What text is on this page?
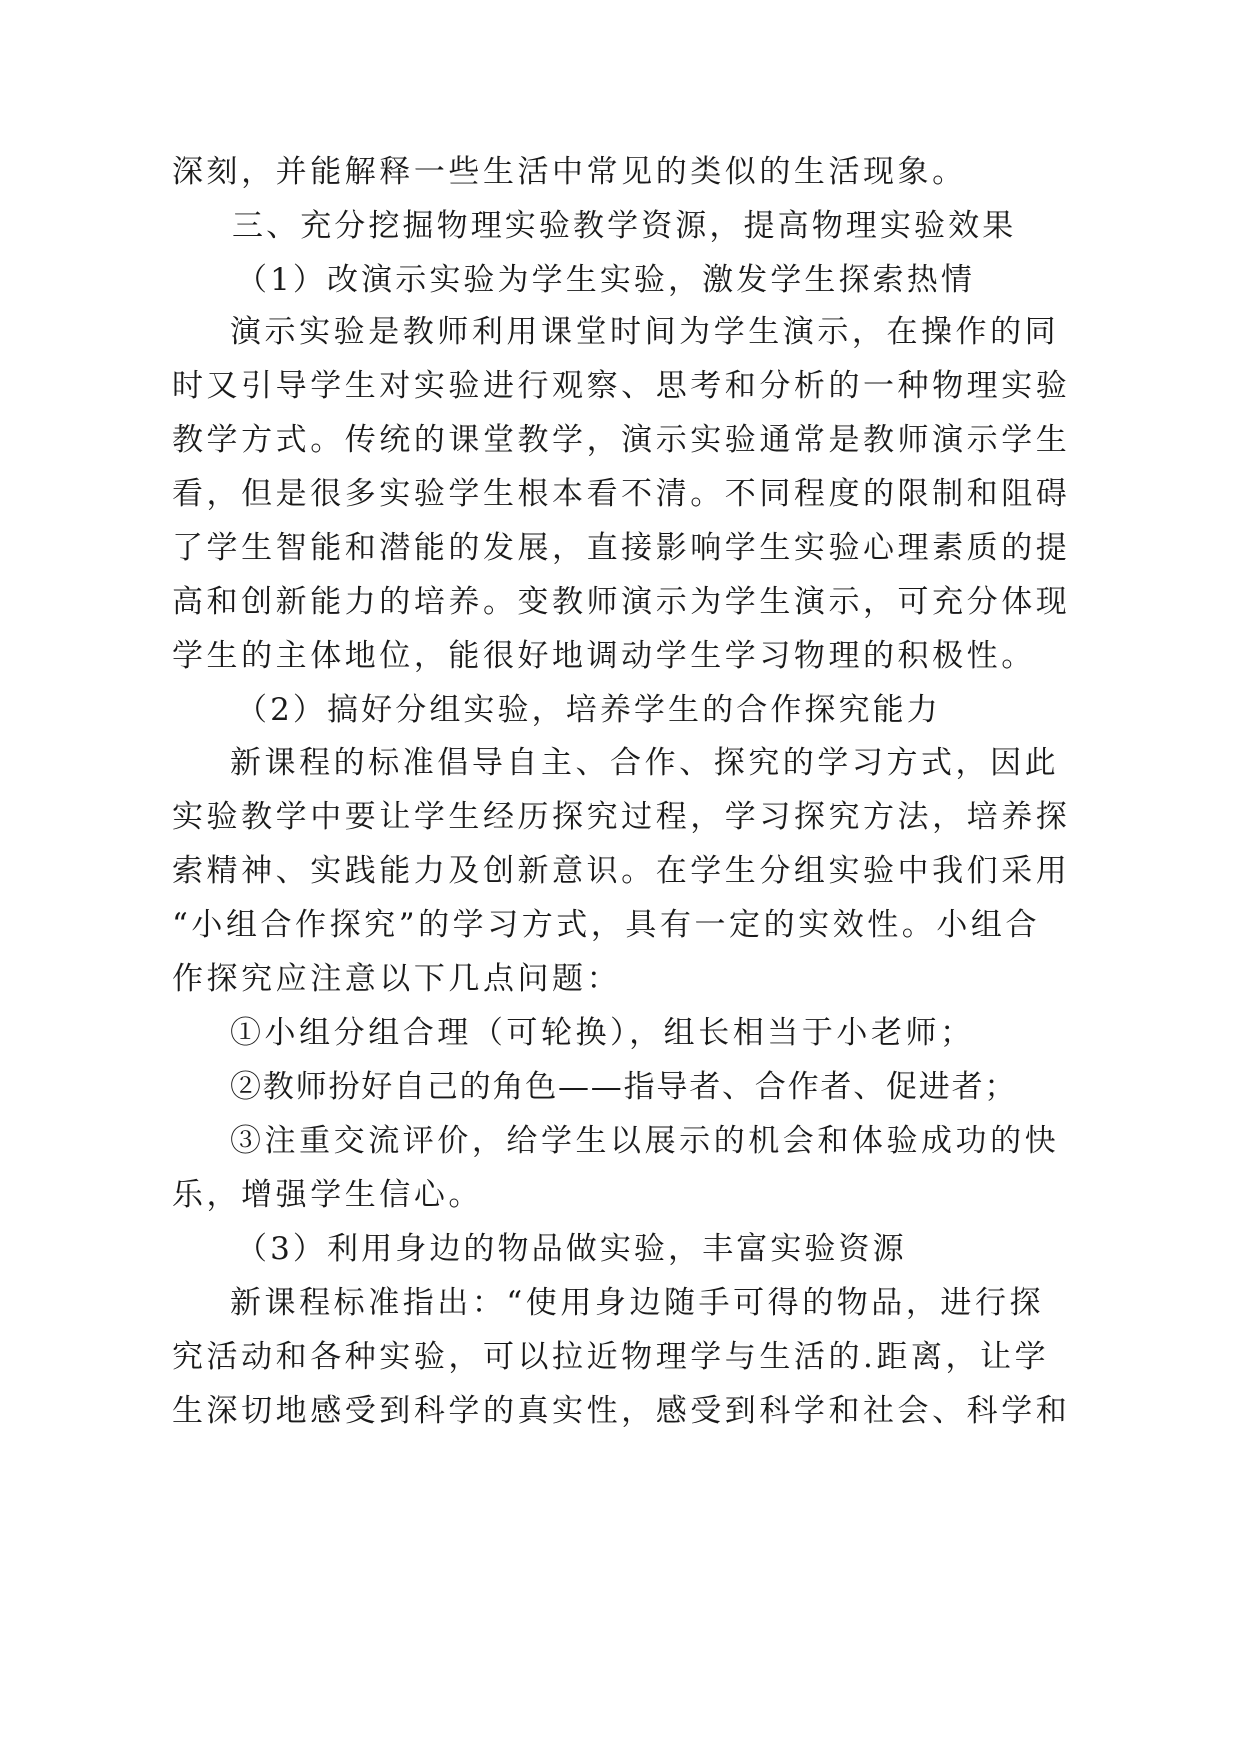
深刻，并能解释一些生活中常见的类似的生活现象。
三、充分挖掘物理实验教学资源，提高物理实验效果
（1）改演示实验为学生实验，激发学生探索热情
演示实验是教师利用课堂时间为学生演示，在操作的同
时又引导学生对实验进行观察、思考和分析的一种物理实验
教学方式。传统的课堂教学，演示实验通常是教师演示学生
看，但是很多实验学生根本看不清。不同程度的限制和阻碍
了学生智能和潜能的发展，直接影响学生实验心理素质的提
高和创新能力的培养。变教师演示为学生演示，可充分体现
学生的主体地位，能很好地调动学生学习物理的积极性。
（2）搞好分组实验，培养学生的合作探究能力
新课程的标准倡导自主、合作、探究的学习方式，因此
实验教学中要让学生经历探究过程，学习探究方法，培养探
索精神、实践能力及创新意识。在学生分组实验中我们采用
“小组合作探究”的学习方式，具有一定的实效性。小组合
作探究应注意以下几点问题：
①小组分组合理（可轮换），组长相当于小老师；
②教师扮好自己的角色——指导者、合作者、促进者；
③注重交流评价，给学生以展示的机会和体验成功的快
乐，增强学生信心。
（3）利用身边的物品做实验，丰富实验资源
新课程标准指出：“使用身边随手可得的物品，进行探
究活动和各种实验，可以拉近物理学与生活的.距离，让学
生深切地感受到科学的真实性，感受到科学和社会、科学和
